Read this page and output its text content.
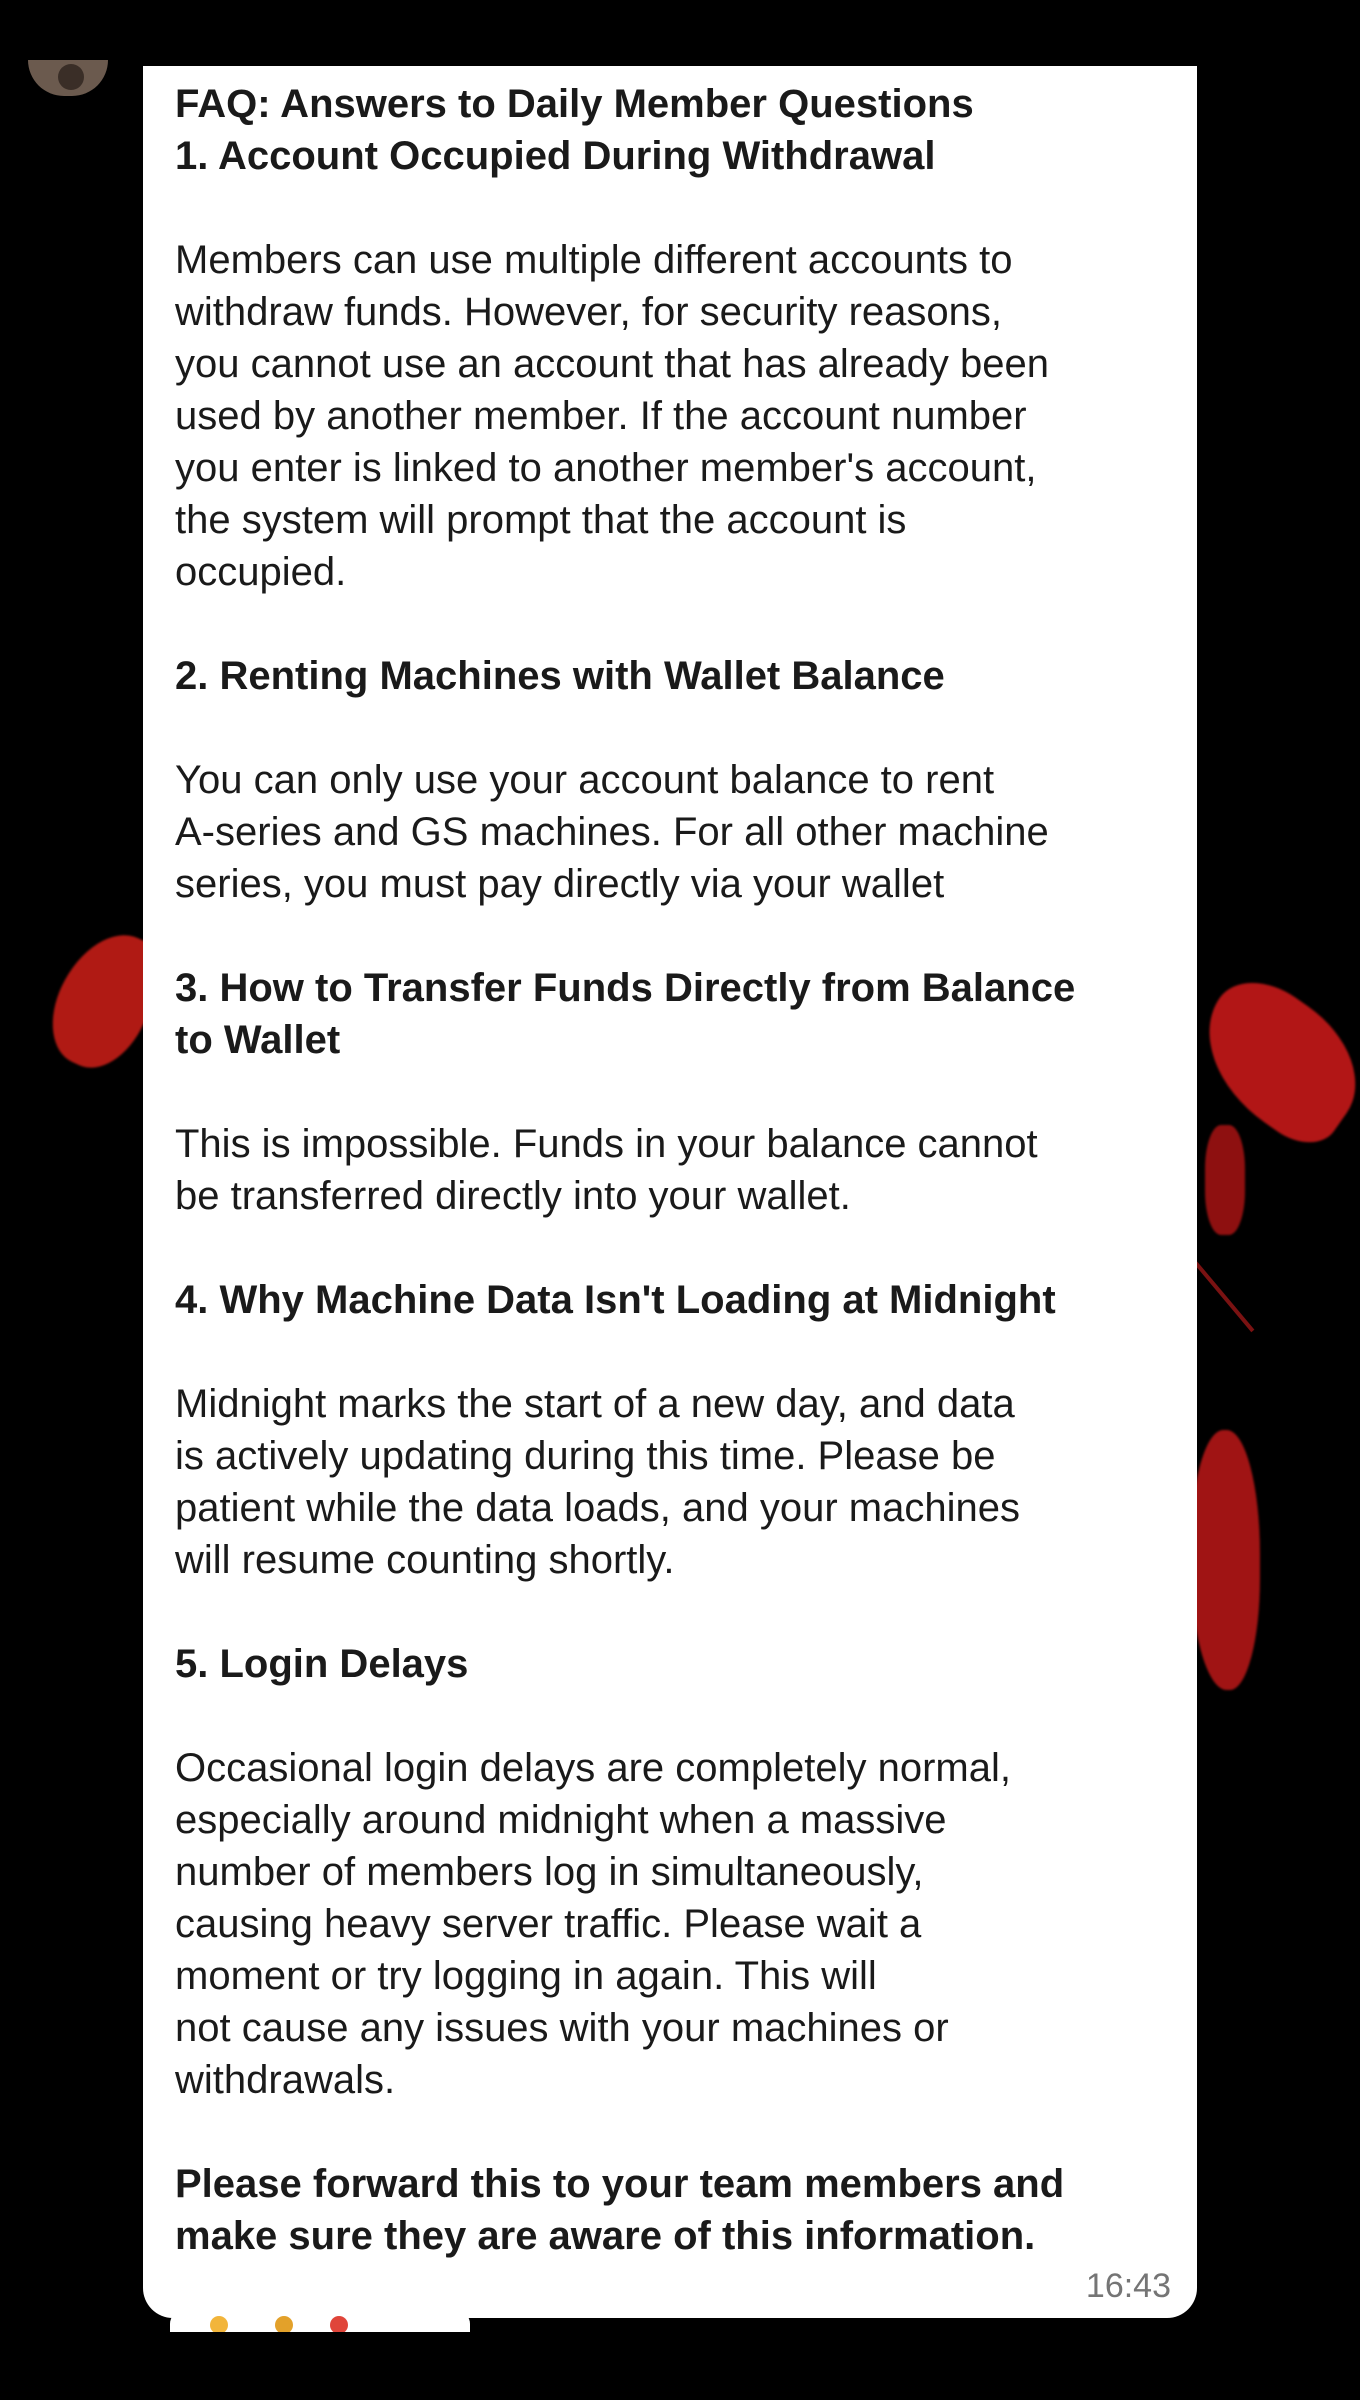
FAQ: Answers to Daily Member Questions

1. Account Occupied During Withdrawal

Members can use multiple different accounts to
withdraw funds. However, for security reasons,
you cannot use an account that has already been
used by another member. If the account number
you enter is linked to another member's account,
the system will prompt that the account is
occupied.

2. Renting Machines with Wallet Balance

You can only use your account balance to rent
A-series and GS machines. For all other machine
series, you must pay directly via your wallet

3. How to Transfer Funds Directly from Balance
to Wallet

This is impossible. Funds in your balance cannot
be transferred directly into your wallet.

4. Why Machine Data Isn't Loading at Midnight

Midnight marks the start of a new day, and data
is actively updating during this time. Please be
patient while the data loads, and your machines
will resume counting shortly.

5. Login Delays

Occasional login delays are completely normal,
especially around midnight when a massive
number of members log in simultaneously,
causing heavy server traffic. Please wait a
moment or try logging in again. This will
not cause any issues with your machines or
withdrawals.

Please forward this to your team members and
make sure they are aware of this information.

16:43
